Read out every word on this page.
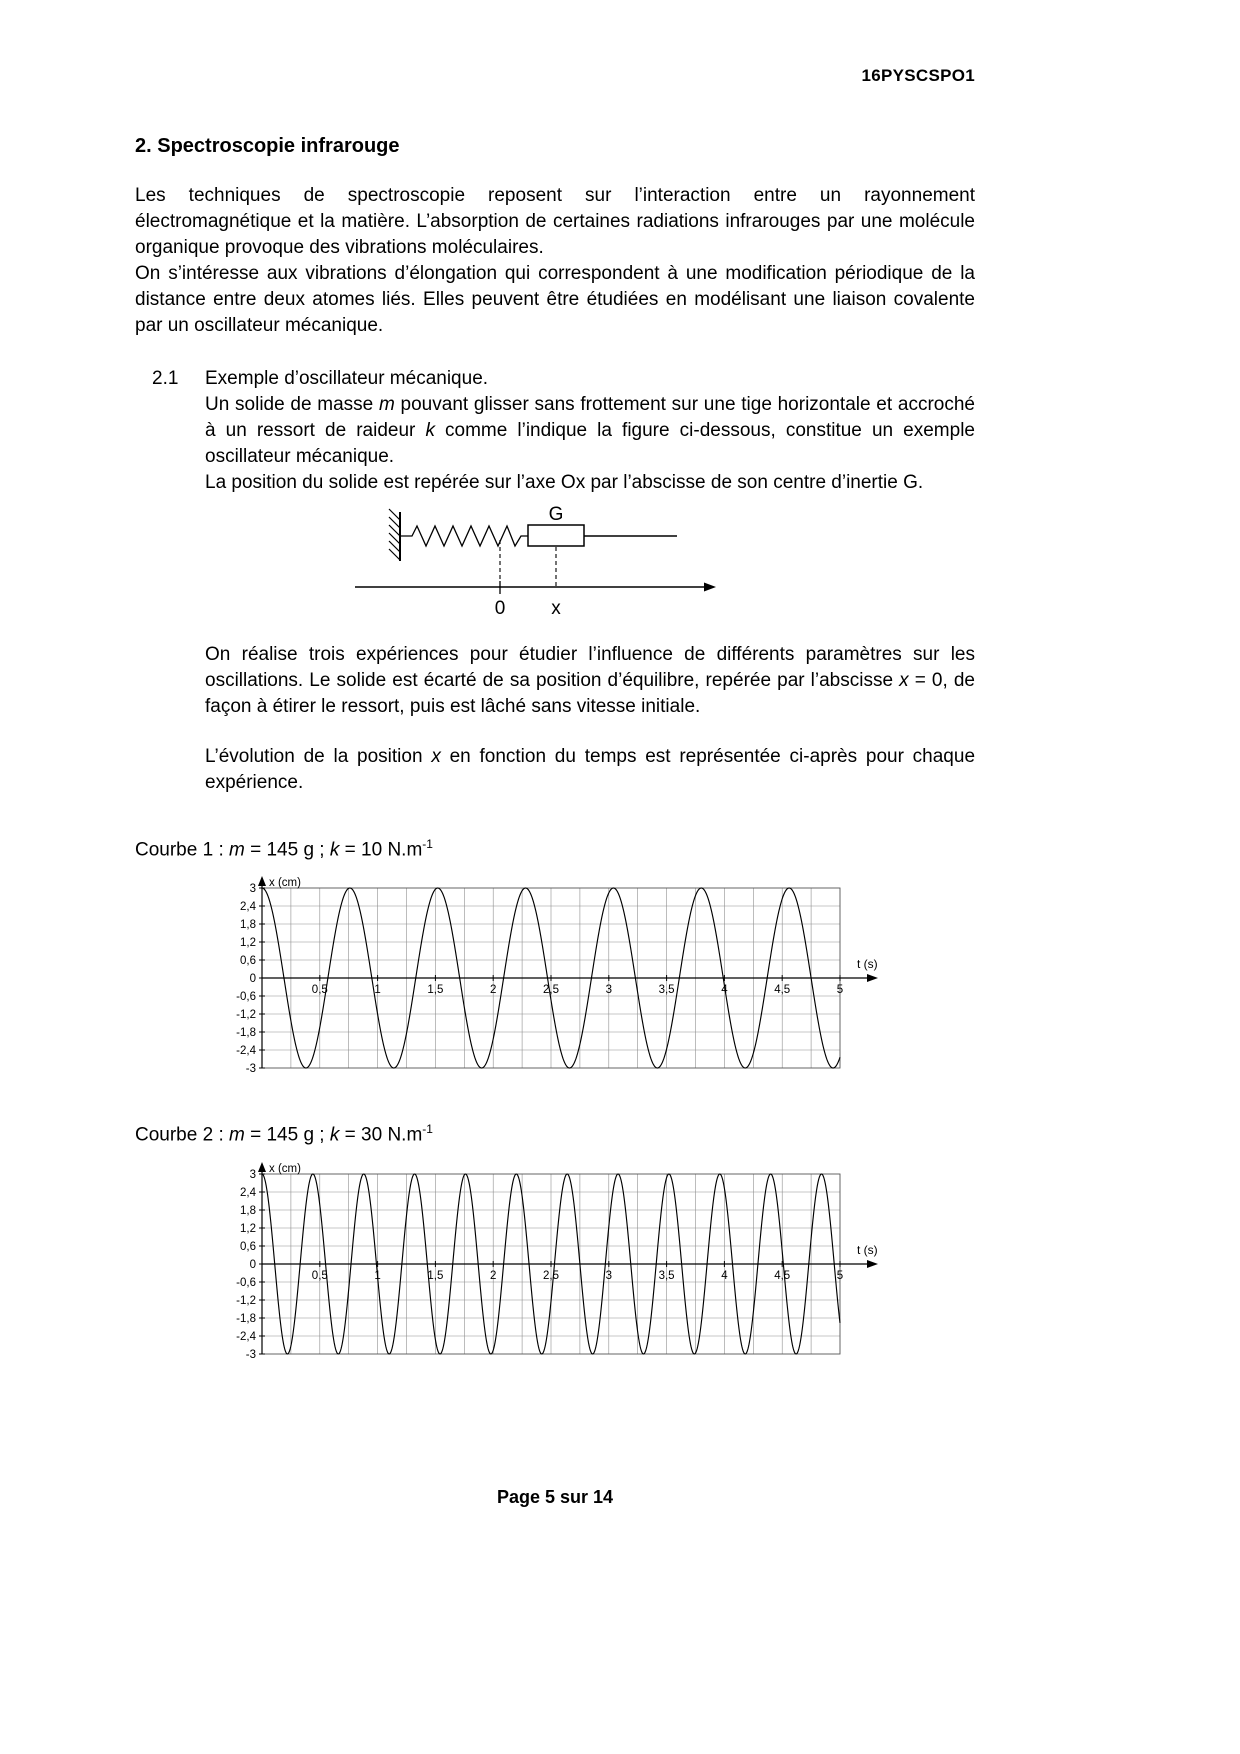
16PYSCSPO1
2. Spectroscopie infrarouge

Les techniques de spectroscopie reposent sur l’interaction entre un rayonnement électromagnétique et la matière. L’absorption de certaines radiations infrarouges par une molécule organique provoque des vibrations moléculaires.

On s’intéresse aux vibrations d’élongation qui correspondent à une modification périodique de la distance entre deux atomes liés. Elles peuvent être étudiées en modélisant une liaison covalente par un oscillateur mécanique.

2.1	Exemple d’oscillateur mécanique.

Un solide de masse m pouvant glisser sans frottement sur une tige horizontale et accroché à un ressort de raideur k comme l’indique la figure ci-dessous, constitue un exemple oscillateur mécanique.

La position du solide est repérée sur l’axe Ox par l’abscisse de son centre d’inertie G.

G
0 x

On réalise trois expériences pour étudier l’influence de différents paramètres sur les oscillations. Le solide est écarté de sa position d’équilibre, repérée par l’abscisse x = 0, de façon à étirer le ressort, puis est lâché sans vitesse initiale.

L’évolution de la position x en fonction du temps est représentée ci-après pour chaque expérience.

Courbe 1 : m = 145 g ; k = 10 $N.m^{-1}$

3
2,4
1,8
1,2
0,6
0
-0,6
-1,2
-1,8
-2,4
-3
0,5	1	1,5	2	2,5	3	3,5	4	4,5	5
x (cm)
t (s)

Courbe 2 : m = 145 g ; k = 30 $N.m^{-1}$

3
2,4
1,8
1,2
0,6
0
-0,6
-1,2
-1,8
-2,4
-3
0,5	1	1,5	2	2,5	3	3,5	4	4,5	5
x (cm)
t (s)
Page 5 sur 14
